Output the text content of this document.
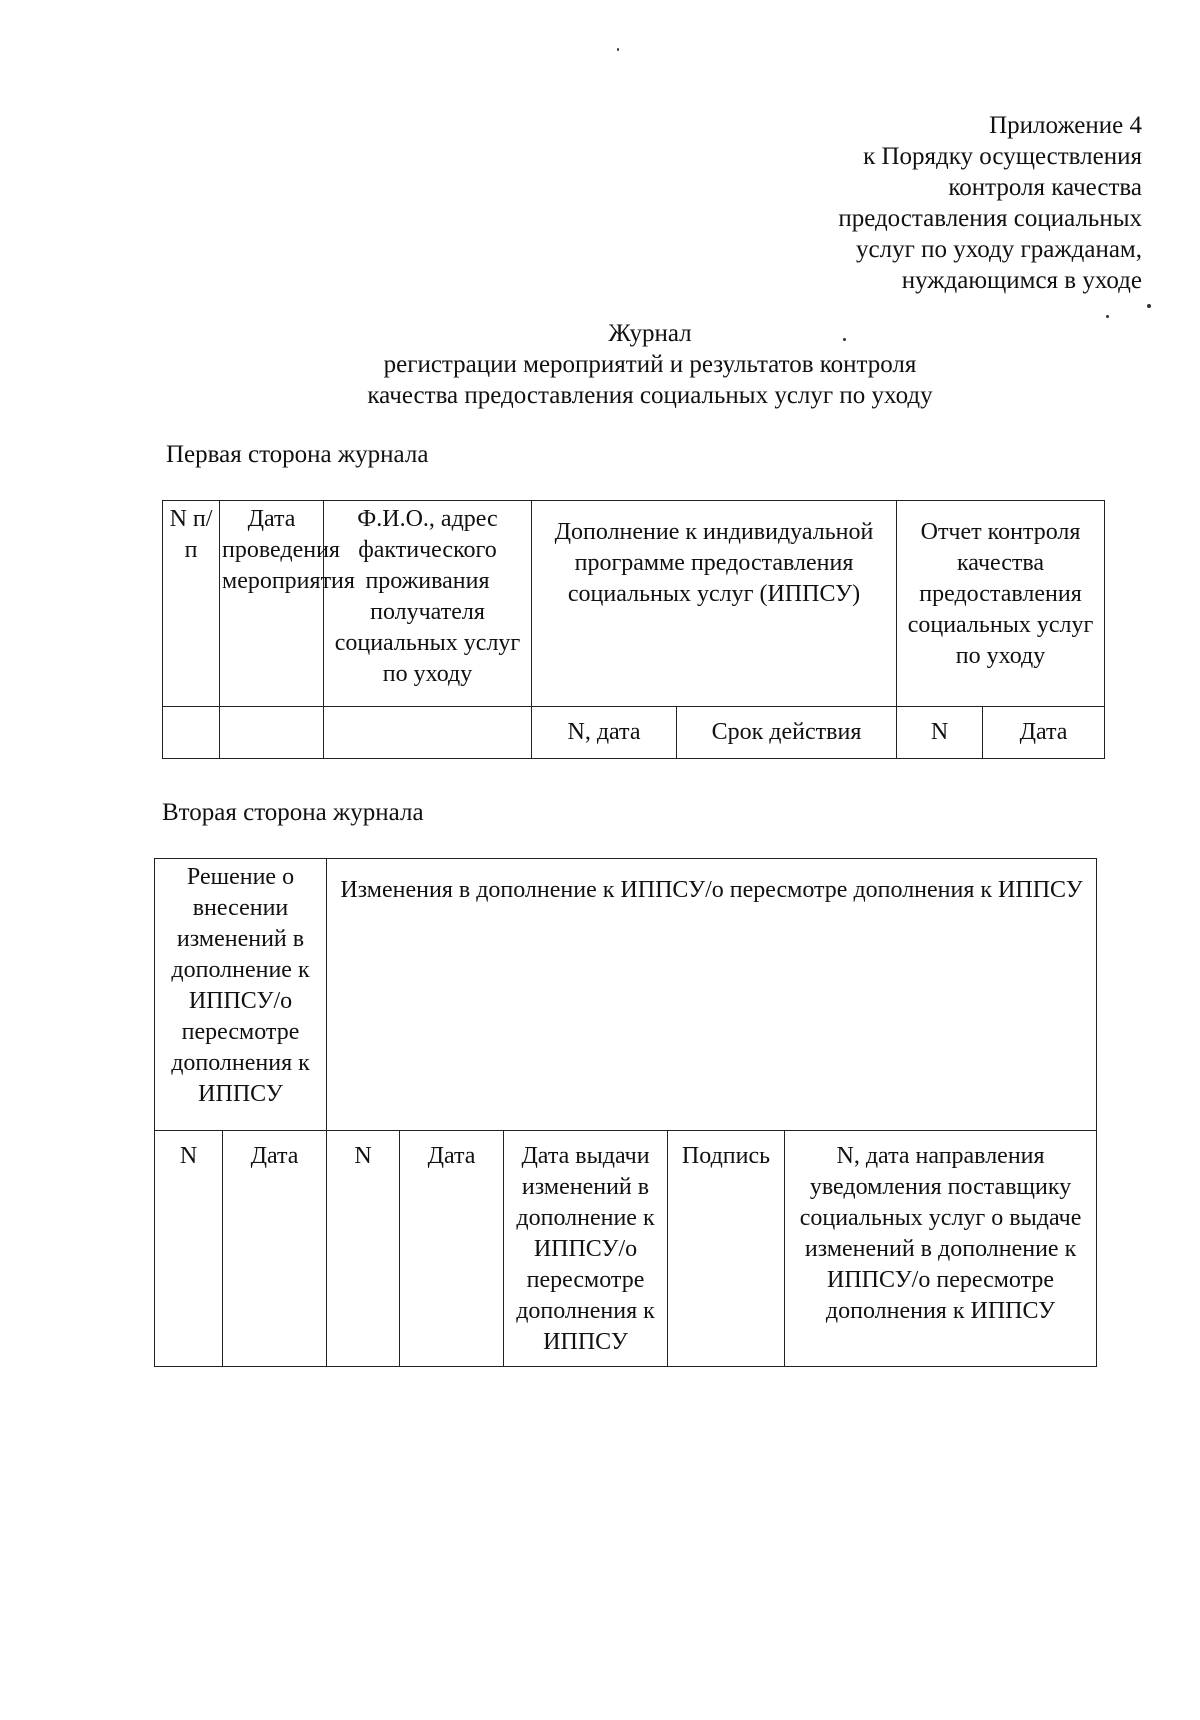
Приложение 4
к Порядку осуществления
контроля качества
предоставления социальных
услуг по уходу гражданам,
нуждающимся в уходе
Журнал
регистрации мероприятий и результатов контроля
качества предоставления социальных услуг по уходу
Первая сторона журнала
N п/п	Дата проведения мероприятия	Ф.И.О., адрес фактического проживания получателя социальных услуг по уходу	Дополнение к индивидуальной программе предоставления социальных услуг (ИППСУ)		Отчет контроля качества предоставления социальных услуг по уходу	
			N, дата	Срок действия	N	Дата
Вторая сторона журнала
Решение о внесении изменений в дополнение к ИППСУ/о пересмотре дополнения к ИППСУ		Изменения в дополнение к ИППСУ/о пересмотре дополнения к ИППСУ				
N	Дата	N	Дата	Дата выдачи изменений в дополнение к ИППСУ/о пересмотре дополнения к ИППСУ	Подпись	N, дата направления уведомления поставщику социальных услуг о выдаче изменений в дополнение к ИППСУ/о пересмотре дополнения к ИППСУ
